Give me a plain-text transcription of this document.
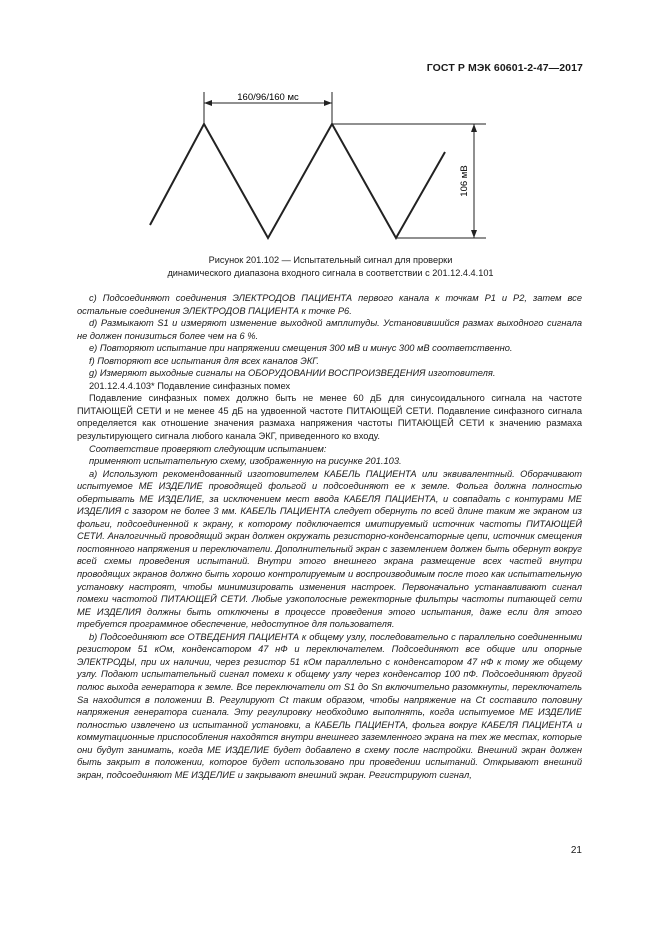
ГОСТ Р МЭК 60601-2-47—2017
160/96/160 мс
106 мВ
Рисунок 201.102 — Испытательный сигнал для проверки
динамического диапазона входного сигнала в соответствии с 201.12.4.4.101

c) Подсоединяют соединения ЭЛЕКТРОДОВ ПАЦИЕНТА первого канала к точкам P1 и P2, затем все остальные соединения ЭЛЕКТРОДОВ ПАЦИЕНТА к точке P6.

d) Размыкают S1 и измеряют изменение выходной амплитуды. Установившийся размах выходного сигнала не должен понизиться более чем на 6 %.

e) Повторяют испытание при напряжении смещения 300 мВ и минус 300 мВ соответственно.

f) Повторяют все испытания для всех каналов ЭКГ.

g) Измеряют выходные сигналы на ОБОРУДОВАНИИ ВОСПРОИЗВЕДЕНИЯ изготовителя.

201.12.4.4.103* Подавление синфазных помех

Подавление синфазных помех должно быть не менее 60 дБ для синусоидального сигнала на частоте ПИТАЮЩЕЙ СЕТИ и не менее 45 дБ на удвоенной частоте ПИТАЮЩЕЙ СЕТИ. Подавление синфазного сигнала определяется как отношение значения размаха напряжения частоты ПИТАЮЩЕЙ СЕТИ к значению размаха результирующего сигнала любого канала ЭКГ, приведенного ко входу.

Соответствие проверяют следующим испытанием:

применяют испытательную схему, изображенную на рисунке 201.103.

a) Используют рекомендованный изготовителем КАБЕЛЬ ПАЦИЕНТА или эквивалентный. Оборачивают испытуемое МЕ ИЗДЕЛИЕ проводящей фольгой и подсоединяют ее к земле. Фольга должна полностью обертывать МЕ ИЗДЕЛИЕ, за исключением мест ввода КАБЕЛЯ ПАЦИЕНТА, и совпадать с контурами МЕ ИЗДЕЛИЯ с зазором не более 3 мм. КАБЕЛЬ ПАЦИЕНТА следует обернуть по всей длине таким же экраном из фольги, подсоединенной к экрану, к которому подключается имитируемый источник частоты ПИТАЮЩЕЙ СЕТИ. Аналогичный проводящий экран должен окружать резисторно-конденсаторные цепи, источник смещения постоянного напряжения и переключатели. Дополнительный экран с заземлением должен быть обернут вокруг всей схемы проведения испытаний. Внутри этого внешнего экрана размещение всех частей внутри проводящих экранов должно быть хорошо контролируемым и воспроизводимым после того как испытательную установку настроят, чтобы минимизировать изменения настроек. Первоначально устанавливают сигнал помехи частотой ПИТАЮЩЕЙ СЕТИ. Любые узкополосные режекторные фильтры частоты питающей сети МЕ ИЗДЕЛИЯ должны быть отключены в процессе проведения этого испытания, даже если для этого требуется программное обеспечение, недоступное для пользователя.

b) Подсоединяют все ОТВЕДЕНИЯ ПАЦИЕНТА к общему узлу, последовательно с параллельно соединенными резистором 51 кОм, конденсатором 47 нФ и переключателем. Подсоединяют все общие или опорные ЭЛЕКТРОДЫ, при их наличии, через резистор 51 кОм параллельно с конденсатором 47 нФ к тому же общему узлу. Подают испытательный сигнал помехи к общему узлу через конденсатор 100 пФ. Подсоединяют другой полюс выхода генератора к земле. Все переключатели от S1 до Sn включительно разомкнуты, переключатель Sa находится в положении В. Регулируют Ct таким образом, чтобы напряжение на Ct составило половину напряжения генератора сигнала. Эту регулировку необходимо выполнять, когда испытуемое МЕ ИЗДЕЛИЕ полностью извлечено из испытанной установки, а КАБЕЛЬ ПАЦИЕНТА, фольга вокруг КАБЕЛЯ ПАЦИЕНТА и коммутационные приспособления находятся внутри внешнего заземленного экрана на тех же местах, которые они будут занимать, когда МЕ ИЗДЕЛИЕ будет добавлено в схему после настройки. Внешний экран должен быть закрыт в положении, которое будет использовано при проведении испытаний. Открывают внешний экран, подсоединяют МЕ ИЗДЕЛИЕ и закрывают внешний экран. Регистрируют сигнал,

21
